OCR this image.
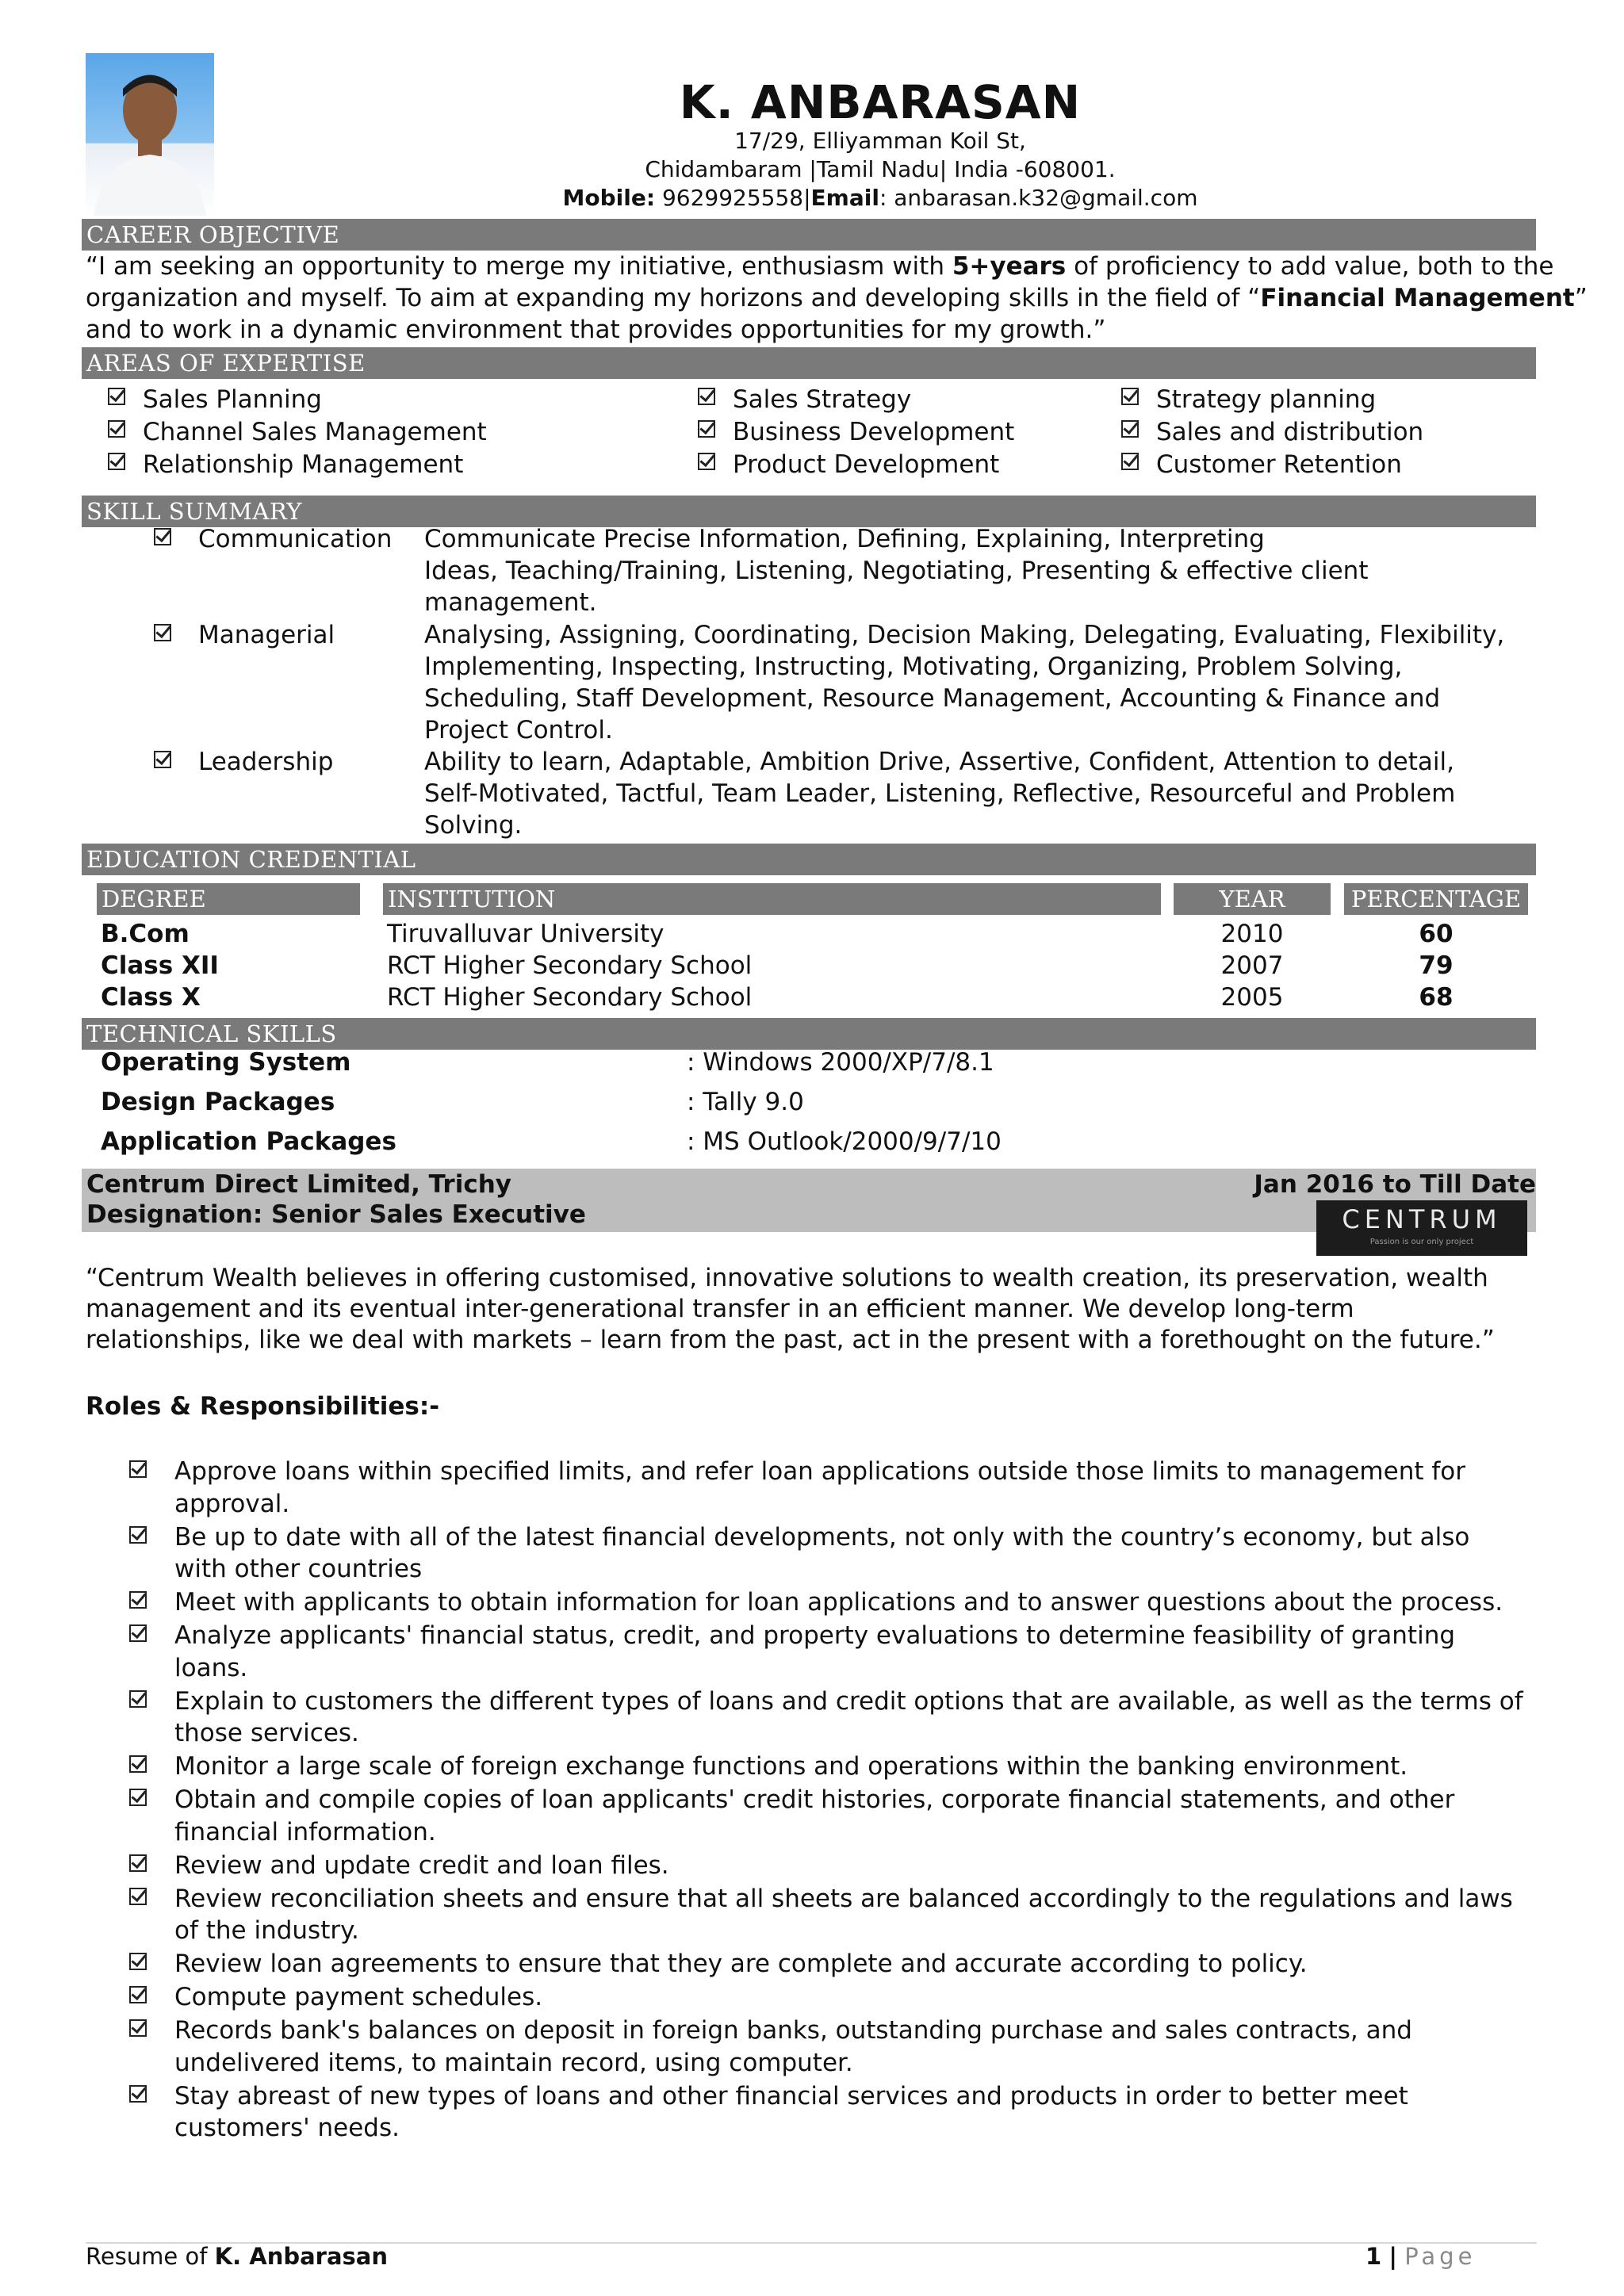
K. ANBARASAN
17/29, Elliyamman Koil St,
Chidambaram |Tamil Nadu| India -608001.
Mobile: 9629925558|Email: anbarasan.k32@gmail.com
CAREER OBJECTIVE
“I am seeking an opportunity to merge my initiative, enthusiasm with 5+years of proficiency to add value, both to the
organization and myself. To aim at expanding my horizons and developing skills in the field of “Financial Management”
and to work in a dynamic environment that provides opportunities for my growth.”
AREAS OF EXPERTISE
Sales Planning	Sales Strategy	Strategy planning
Channel Sales Management	Business Development	Sales and distribution
Relationship Management	Product Development	Customer Retention
SKILL SUMMARY
Communication Communicate Precise Information, Defining, Explaining, Interpreting
Ideas, Teaching/Training, Listening, Negotiating, Presenting & effective client
management.
Managerial	Analysing, Assigning, Coordinating, Decision Making, Delegating, Evaluating, Flexibility,
Implementing, Inspecting, Instructing, Motivating, Organizing, Problem Solving,
Scheduling, Staff Development, Resource Management, Accounting & Finance and
Project Control.
Leadership	Ability to learn, Adaptable, Ambition Drive, Assertive, Confident, Attention to detail,
Self-Motivated, Tactful, Team Leader, Listening, Reflective, Resourceful and Problem
Solving.
EDUCATION CREDENTIAL
DEGREE	INSTITUTION	YEAR	PERCENTAGE
B.Com	Tiruvalluvar University	2010	60
Class XII	RCT Higher Secondary School	2007	79
Class X	RCT Higher Secondary School	2005	68
TECHNICAL SKILLS
Operating System	: Windows 2000/XP/7/8.1
Design Packages	: Tally 9.0
Application Packages	: MS Outlook/2000/9/7/10
Centrum Direct Limited, Trichy
Designation: Senior Sales Executive
Jan 2016 to Till Date
CENTRUM
Passion is our only project
“Centrum Wealth believes in offering customised, innovative solutions to wealth creation, its preservation, wealth
management and its eventual inter-generational transfer in an efficient manner. We develop long-term
relationships, like we deal with markets – learn from the past, act in the present with a forethought on the future.”
Roles & Responsibilities:-
Approve loans within specified limits, and refer loan applications outside those limits to management for
approval.
Be up to date with all of the latest financial developments, not only with the country’s economy, but also
with other countries
Meet with applicants to obtain information for loan applications and to answer questions about the process.
Analyze applicants' financial status, credit, and property evaluations to determine feasibility of granting
loans.
Explain to customers the different types of loans and credit options that are available, as well as the terms of
those services.
Monitor a large scale of foreign exchange functions and operations within the banking environment.
Obtain and compile copies of loan applicants' credit histories, corporate financial statements, and other
financial information.
Review and update credit and loan files.
Review reconciliation sheets and ensure that all sheets are balanced accordingly to the regulations and laws
of the industry.
Review loan agreements to ensure that they are complete and accurate according to policy.
Compute payment schedules.
Records bank's balances on deposit in foreign banks, outstanding purchase and sales contracts, and
undelivered items, to maintain record, using computer.
Stay abreast of new types of loans and other financial services and products in order to better meet
customers' needs.
Resume of K. Anbarasan	1 | Page
